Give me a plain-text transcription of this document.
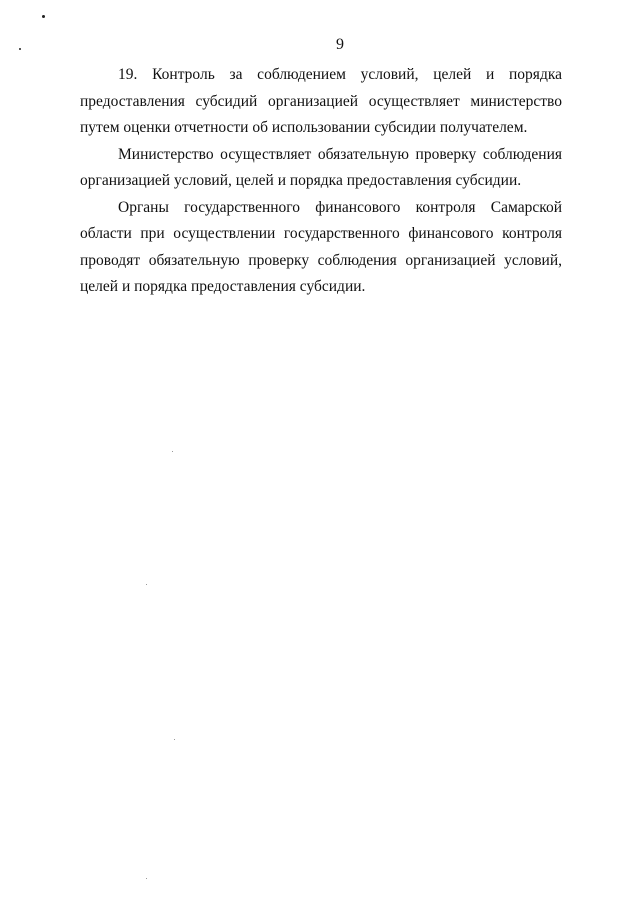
9

19. Контроль за соблюдением условий, целей и порядка предоставления субсидий организацией осуществляет министерство путем оценки отчетности об использовании субсидии получателем.

Министерство осуществляет обязательную проверку соблюдения организацией условий, целей и порядка предоставления субсидии.

Органы государственного финансового контроля Самарской области при осуществлении государственного финансового контроля проводят обязательную проверку соблюдения организацией условий, целей и порядка предоставления субсидии.
